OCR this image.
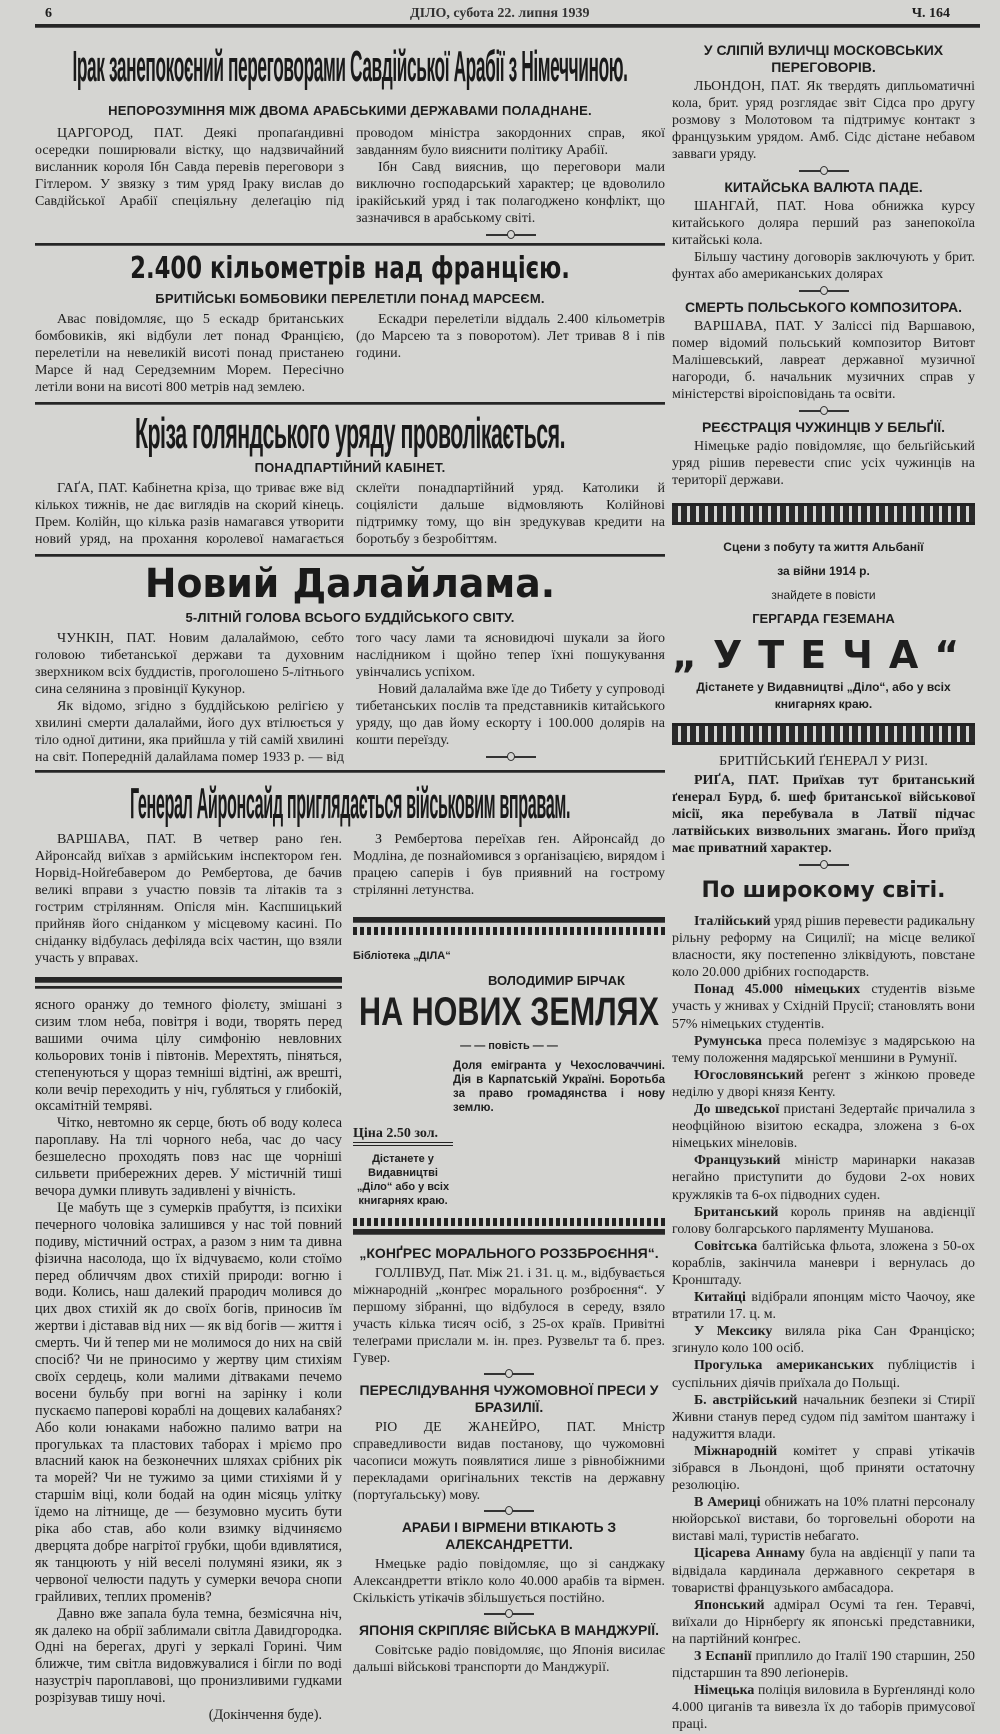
6	ДІЛО, субота 22. липня 1939	Ч. 164
Ірак занепокоєний переговорами Савдійської Арабії з Німеччиною.
НЕПОРОЗУМІННЯ МІЖ ДВОМА АРАБСЬКИМИ ДЕРЖАВАМИ ПОЛАДНАНЕ.

ЦАРГОРОД, ПАТ. Деякі пропаґандивні осередки поширювали вістку, що надзвичайний висланник короля Ібн Савда перевів переговори з Гітлером. У звязку з тим уряд Іраку вислав до Савдійської Арабії спеціяльну делеґацію під проводом міністра закордонних справ, якої завданням було вияснити політику Арабії.

Ібн Савд вияснив, що переговори мали виключно господарський характер; це вдоволило іракійський уряд і так полагоджено конфлікт, що зазначився в арабському світі.

2.400 кільометрів над францією.
БРИТІЙСЬКІ БОМБОВИКИ ПЕРЕЛЕТІЛИ ПОНАД МАРСЕЄМ.

Авас повідомляє, що 5 ескадр британських бомбовиків, які відбули лет понад Францією, перелетіли на невеликій висоті понад пристанею Марсе й над Середземним Морем. Пересічно летіли вони на висоті 800 метрів над землею.

Ескадри перелетіли віддаль 2.400 кільометрів (до Марсею та з поворотом). Лет тривав 8 і пів години.

Кріза голяндського уряду проволікається.
ПОНАДПАРТІЙНИЙ КАБІНЕТ.

ГАҐА, ПАТ. Кабінетна кріза, що триває вже від кількох тижнів, не дає виглядів на скорий кінець. Прем. Колійн, що кілька разів намагався утворити новий уряд, на прохання королевої намагається склеїти понадпартійний уряд. Католики й соціялісти дальше відмовляють Колійнові підтримку тому, що він зредукував кредити на боротьбу з безробіттям.

Новий Далайлама.
5-ЛІТНІЙ ГОЛОВА ВСЬОГО БУДДІЙСЬКОГО СВІТУ.

ЧУНКІН, ПАТ. Новим далалаймою, себто головою тибетанської держави та духовним зверхником всіх буддистів, проголошено 5-літнього сина селянина з провінції Кукунор.

Як відомо, згідно з буддійською релігією у хвилині смерти далалайми, його дух втілюється у тіло одної дитини, яка прийшла у тій самій хвилині на світ. Попередній далайлама помер 1933 р. — від того часу лами та ясновидючі шукали за його наслідником і щойно тепер їхні пошукування увінчались успіхом.

Новий далалайма вже їде до Тибету у супроводі тибетанських послів та представників китайського уряду, що дав йому ескорту і 100.000 долярів на кошти переїзду.

Генерал Айронсайд приглядається військовим вправам.

ВАРШАВА, ПАТ. В четвер рано ґен. Айронсайд виїхав з армійським інспектором ґен. Норвід-Нойґебавером до Рембертова, де бачив великі вправи з участю повзів та літаків та з гострим стрілянням. Опісля мін. Каспшицький прийняв його сніданком у місцевому касині. По сніданку відбулась дефіляда всіх частин, що взяли участь у вправах.

ясного оранжу до темного фіолєту, змішані з сизим тлом неба, повітря і води, творять перед вашими очима цілу симфонію невловних кольорових тонів і півтонів. Мерехтять, піняться, степенуються у щораз темніші відтіні, аж врешті, коли вечір переходить у ніч, губляться у глибокій, оксамітній темряві.

Чітко, невтомно як серце, бють об воду колеса пароплаву. На тлі чорного неба, час до часу безшелесно проходять повз нас ще чорніші сильвети прибережних дерев. У містичній тиші вечора думки пливуть задивлені у вічність.

Це мабуть ще з сумерків прабуття, із психіки печерного чоловіка залишився у нас той повний подиву, містичний острах, а разом з ним та дивна фізична насолода, що їх відчуваємо, коли стоїмо перед обличчям двох стихій природи: вогню і води. Колись, наш далекий прародич молився до цих двох стихій як до своїх богів, приносив їм жертви і діставав від них — як від богів — життя і смерть. Чи й тепер ми не молимося до них на свій спосіб? Чи не приносимо у жертву цим стихіям своїх сердець, коли малими дітваками печемо восени бульбу при вогні на зарінку і коли пускаємо паперові кораблі на дощевих калабанях? Або коли юнаками набожно палимо ватри на прогульках та пластових таборах і мріємо про власний каюк на безконечних шляхах срібних рік та морей? Чи не тужимо за цими стихіями й у старшім віці, коли бодай на один місяць улітку їдемо на літнище, де — безумовно мусить бути ріка або став, або коли взимку відчиняємо дверцята добре нагрітої грубки, щоби вдивлятися, як танцюють у ній веселі полумяні язики, як з червоної челюсти падуть у сумерки вечора снопи грайливих, теплих променів?

Давно вже запала була темна, безмісячна ніч, як далеко на обрії заблимали світла Давидгородка. Одні на берегах, другі у зеркалі Горині. Чим ближче, тим світла видовжувалися і бігли по воді назустріч пароплавові, що пронизливими гудками розрізував тишу ночі.

(Докінчення буде).

З Рембертова переїхав ґен. Айронсайд до Модліна, де познайомився з орґанізацією, вирядом і працею саперів і був приявний на гострому стрілянні летунства.

Бібліотека „ДІЛА“
ВОЛОДИМИР БІРЧАК
НА НОВИХ ЗЕМЛЯХ
— — повість — —
Доля емігранта у Чехословаччині. Дія в Карпатській Україні. Боротьба за право громадянства і нову землю.
Ціна 2.50 зол.
Дістанете у Видавництві „Діло“ або у всіх книгарнях краю.
„КОНҐРЕС МОРАЛЬНОГО РОЗЗБРОЄННЯ“.

ГОЛЛІВУД, Пат. Між 21. і 31. ц. м., відбувається міжнародній „конґрес морального розброєння“. У першому зібранні, що відбулося в середу, взяло участь кілька тисяч осіб, з 25-ох країв. Привітні телеґрами прислали м. ін. през. Рузвельт та б. през. Гувер.

ПЕРЕСЛІДУВАННЯ ЧУЖОМОВНОЇ ПРЕСИ У БРАЗИЛІЇ.

РІО ДЕ ЖАНЕЙРО, ПАТ. Мністр справедливости видав постанову, що чужомовні часописи можуть появлятися лише з рівнобіжними перекладами оригінальних текстів на державну (портуґальську) мову.

АРАБИ І ВІРМЕНИ ВТІКАЮТЬ З АЛЕКСАНДРЕТТИ.

Нмецьке радіо повідомляє, що зі санджаку Александретти втікло коло 40.000 арабів та вірмен. Скількість утікачів збільшується постійно.

ЯПОНІЯ СКРІПЛЯЄ ВІЙСЬКА В МАНДЖУРІЇ.

Совітське радіо повідомляє, що Японія висилає дальші військові транспорти до Манджурії.

У СЛІПІЙ ВУЛИЧЦІ МОСКОВСЬКИХ ПЕРЕГОВОРІВ.

ЛЬОНДОН, ПАТ. Як твердять дипльоматичні кола, брит. уряд розглядає звіт Сідса про другу розмову з Молотовом та підтримує контакт з французьким урядом. Амб. Сідс дістане небавом завваги уряду.

КИТАЙСЬКА ВАЛЮТА ПАДЕ.

ШАНГАЙ, ПАТ. Нова обнижка курсу китайського доляра перший раз занепокоїла китайські кола.

Більшу частину договорів заключують у брит. фунтах або американських долярах

СМЕРТЬ ПОЛЬСЬКОГО КОМПОЗИТОРА.

ВАРШАВА, ПАТ. У Заліссі під Варшавою, помер відомий польський композитор Витовт Малішевський, лавреат державної музичної нагороди, б. начальник музичних справ у міністерстві віроісповідань та освіти.

РЕЄСТРАЦІЯ ЧУЖИНЦІВ У БЕЛЬҐІЇ.

Німецьке радіо повідомляє, що бельґійський уряд рішив перевести спис усіх чужинців на території держави.

Сцени з побуту та життя Альбанії
за війни 1914 р.
знайдете в повісти
ГЕРГАРДА ГЕЗЕМАНА
„УТЕЧА“
Дістанете у Видавництві „Діло“, або у всіх книгарнях краю.
БРИТІЙСЬКИЙ ҐЕНЕРАЛ У РИЗІ.

РИҐА, ПАТ. Приїхав тут британський ґенерал Бурд, б. шеф британської військової місії, яка перебувала в Латвії підчас латвійських визвольних змагань. Його приїзд має приватний характер.

По широкому світі.

Італійський уряд рішив перевести радикальну рільну реформу на Сицилії; на місце великої власности, яку постепенно зліквідують, повстане коло 20.000 дрібних господарств.

Понад 45.000 німецьких студентів візьме участь у жнивах у Східній Прусії; становлять вони 57% німецьких студентів.

Румунська преса полемізує з мадярською на тему положення мадярської меншини в Румунії.

Югословянський реґент з жінкою проведе неділю у дворі князя Кенту.

До шведської пристані Зедертайє причалила з неофційною візитою ескадра, зложена з 6-ох німецьких мінеловів.

Французький міністр маринарки наказав негайно приступити до будови 2-ох нових кружляків та 6-ох підводних суден.

Британський король приняв на авдієнції голову болгарського парляменту Мушанова.

Совітська балтійська фльота, зложена з 50-ох кораблів, закінчила маневри і вернулась до Кронштаду.

Китайці відібрали японцям місто Чаочоу, яке втратили 17. ц. м.

У Мексику виляла ріка Сан Франціско; згинуло коло 100 осіб.

Прогулька американських публіцистів і суспільних діячів приїхала до Польщі.

Б. австрійський начальник безпеки зі Стирії Живни станув перед судом під замітом шантажу і надужиття влади.

Міжнародній комітет у справі утікачів зібрався в Льондоні, щоб приняти остаточну резолюцію.

В Америці обнижать на 10% платні персоналу нюйорської вистави, бо торговельні обороти на виставі малі, туристів небагато.

Цісарева Аннаму була на авдієнції у папи та відвідала кардинала державного секретаря в товаристві французького амбасадора.

Японський адмірал Осумі та ґен. Теравчі, виїхали до Нірнберґу як японські представники, на партійний конґрес.

З Еспанії приплило до Італії 190 старшин, 250 підстаршин та 890 леґіонерів.

Німецька поліція виловила в Бурґенлянді коло 4.000 циганів та вивезла їх до таборів примусової праці.
